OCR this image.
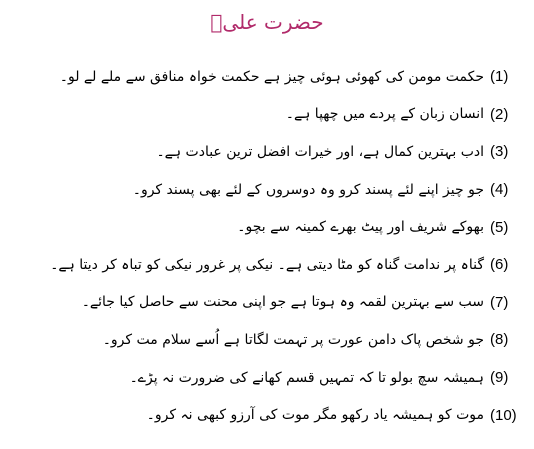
حضرت علیؓ
(1)
حکمت مومن کی کھوئی ہوئی چیز ہے حکمت خواہ منافق سے ملے لے لو۔
(2)
انسان زبان کے پردے میں چھپا ہے۔
(3)
ادب بہترین کمال ہے، اور خیرات افضل ترین عبادت ہے۔
(4)
جو چیز اپنے لئے پسند کرو وہ دوسروں کے لئے بھی پسند کرو۔
(5)
بھوکے شریف اور پیٹ بھرے کمینہ سے بچو۔
(6)
گناہ پر ندامت گناہ کو مٹا دیتی ہے۔ نیکی پر غرور نیکی کو تباہ کر دیتا ہے۔
(7)
سب سے بہترین لقمہ وہ ہوتا ہے جو اپنی محنت سے حاصل کیا جائے۔
(8)
جو شخص پاک دامن عورت پر تہمت لگاتا ہے اُسے سلام مت کرو۔
(9)
ہمیشہ سچ بولو تا کہ تمہیں قسم کھانے کی ضرورت نہ پڑے۔
(10)
موت کو ہمیشہ یاد رکھو مگر موت کی آرزو کبھی نہ کرو۔
